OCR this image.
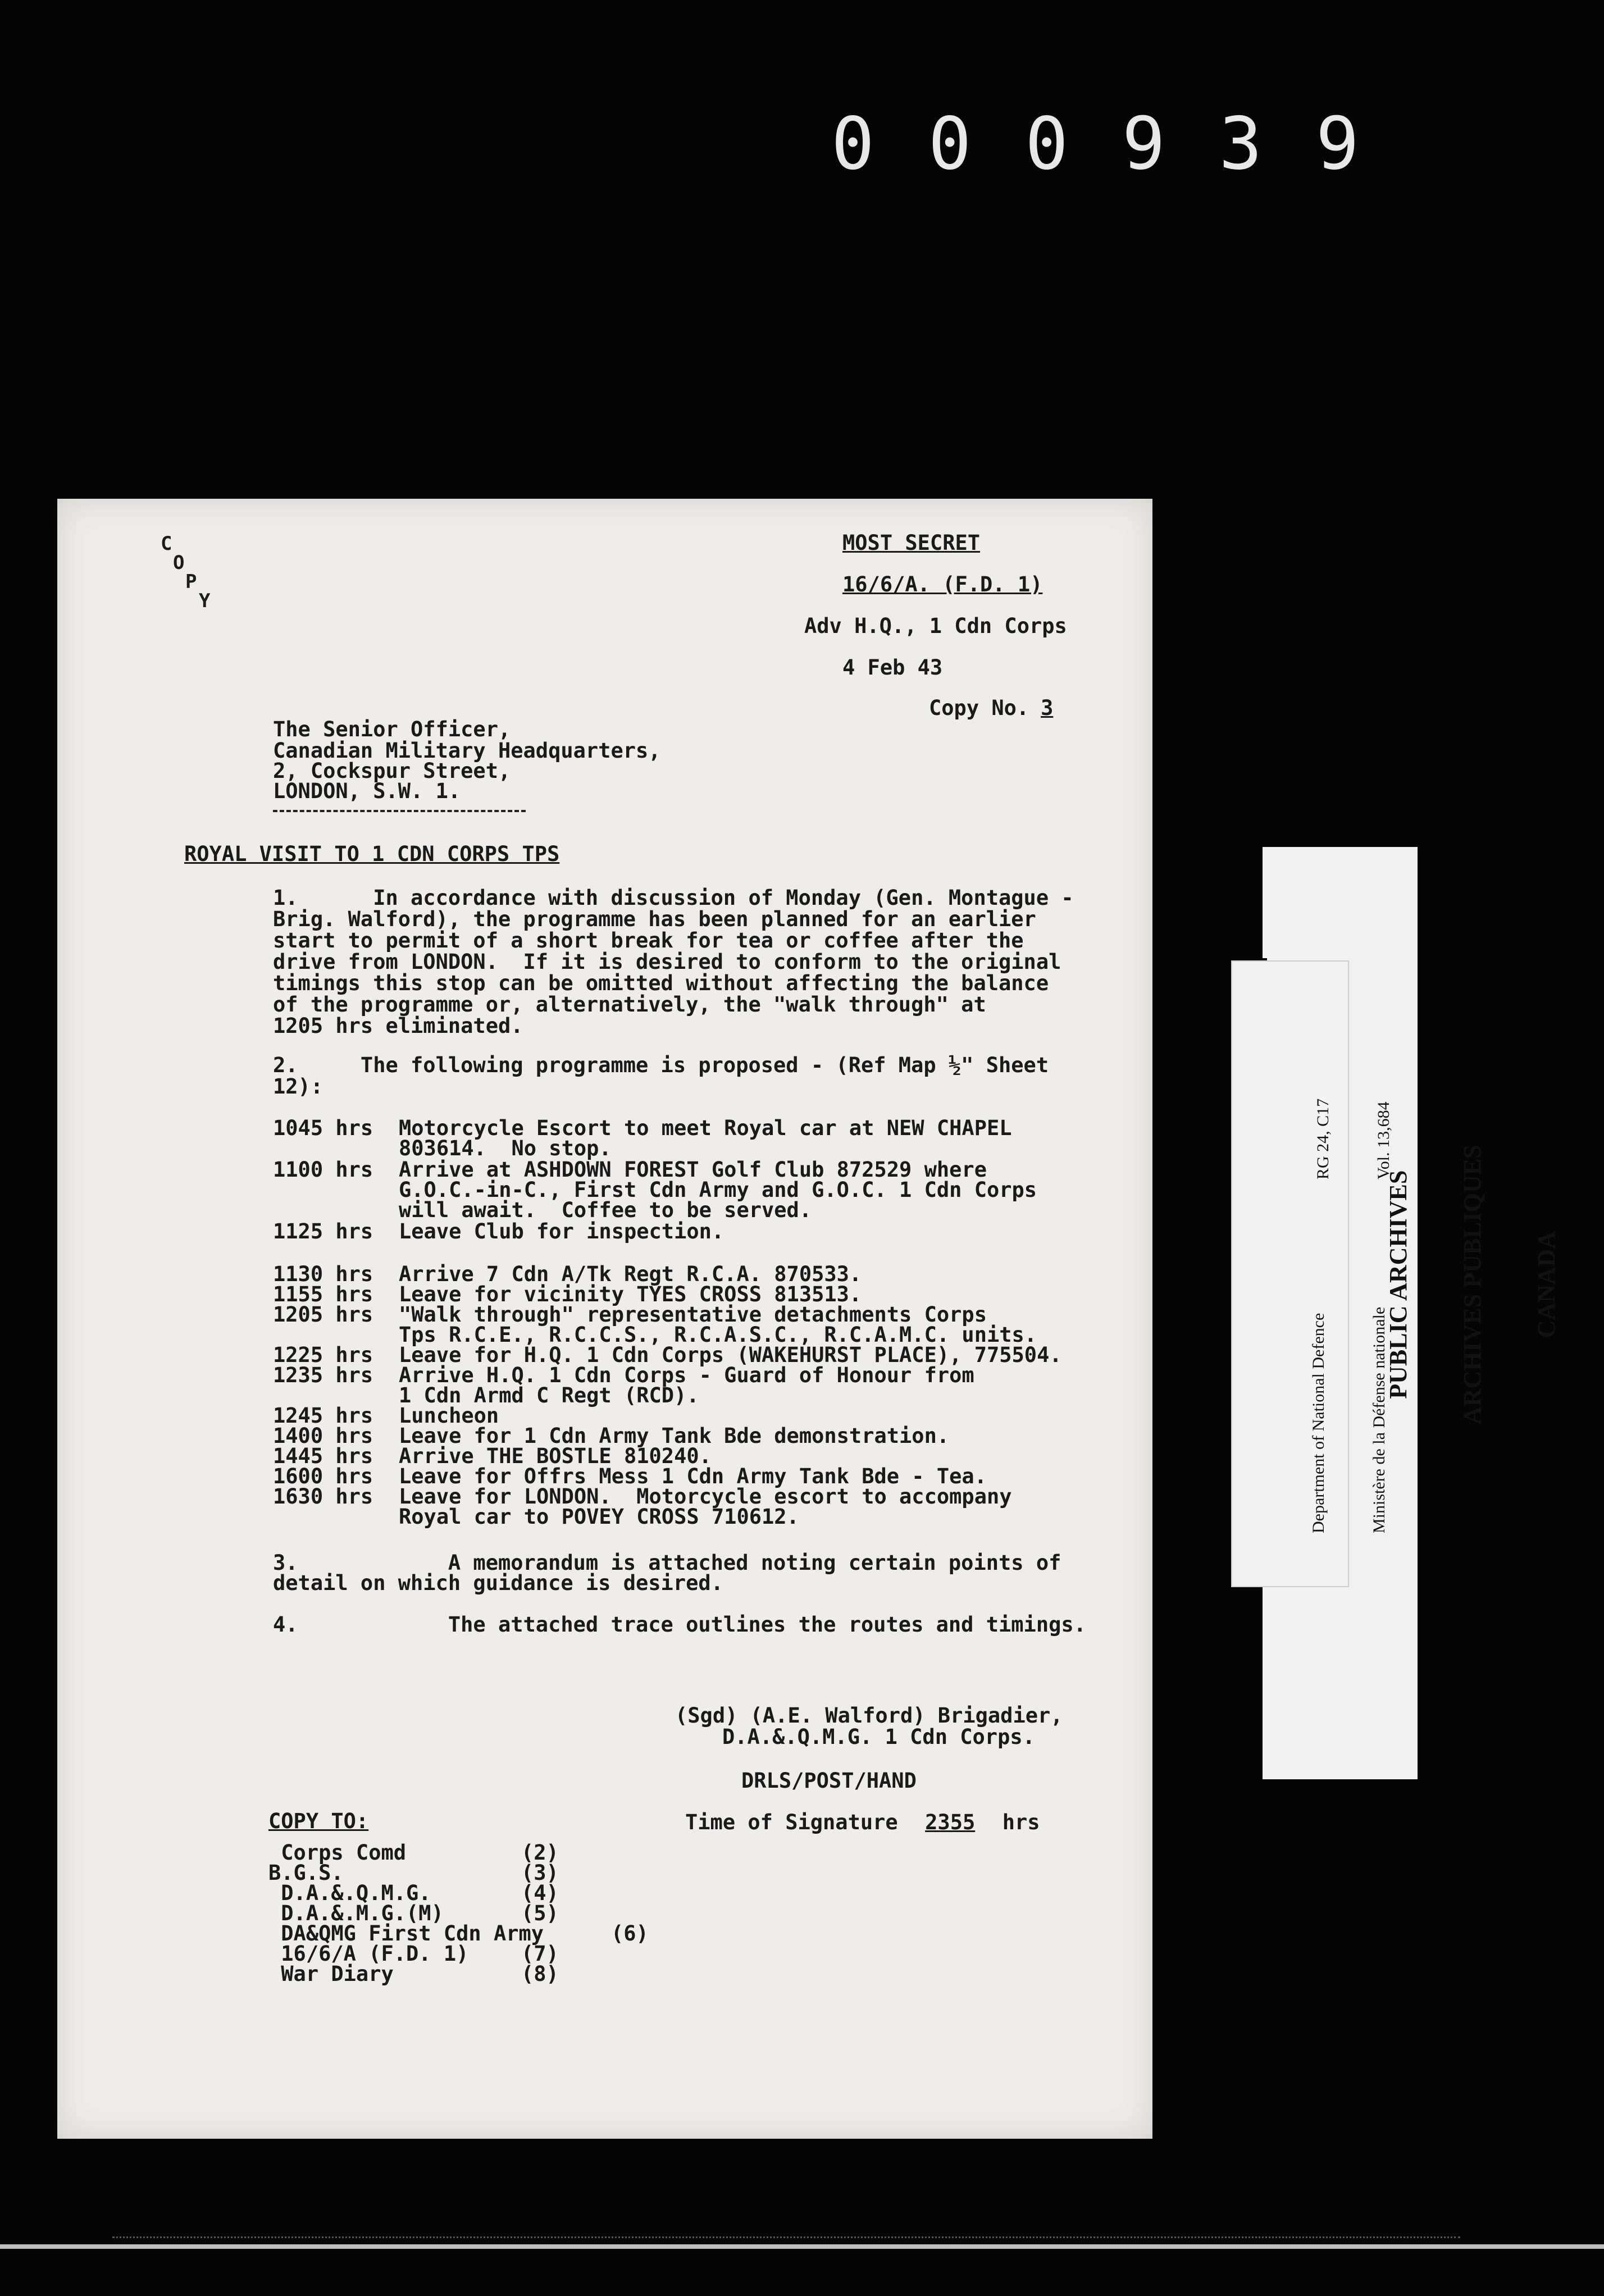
0 0 0 9 3 9
C
O
P
Y
MOST SECRET
16/6/A. (F.D. 1)
Adv H.Q., 1 Cdn Corps
4 Feb 43
Copy No. 3
The Senior Officer,
Canadian Military Headquarters,
2, Cockspur Street,
LONDON, S.W. 1.
ROYAL VISIT TO 1 CDN CORPS TPS
1.      In accordance with discussion of Monday (Gen. Montague -
Brig. Walford), the programme has been planned for an earlier
start to permit of a short break for tea or coffee after the
drive from LONDON.  If it is desired to conform to the original
timings this stop can be omitted without affecting the balance
of the programme or, alternatively, the "walk through" at
1205 hrs eliminated.
2.     The following programme is proposed - (Ref Map ½" Sheet
12):
1045 hrs Motorcycle Escort to meet Royal car at NEW CHAPEL
803614.  No stop.
1100 hrs Arrive at ASHDOWN FOREST Golf Club 872529 where
G.O.C.-in-C., First Cdn Army and G.O.C. 1 Cdn Corps
will await.  Coffee to be served.
1125 hrs Leave Club for inspection.
1130 hrs Arrive 7 Cdn A/Tk Regt R.C.A. 870533.
1155 hrs Leave for vicinity TYES CROSS 813513.
1205 hrs "Walk through" representative detachments Corps
Tps R.C.E., R.C.C.S., R.C.A.S.C., R.C.A.M.C. units.
1225 hrs Leave for H.Q. 1 Cdn Corps (WAKEHURST PLACE), 775504.
1235 hrs Arrive H.Q. 1 Cdn Corps - Guard of Honour from
1 Cdn Armd C Regt (RCD).
1245 hrs Luncheon
1400 hrs Leave for 1 Cdn Army Tank Bde demonstration.
1445 hrs Arrive THE BOSTLE 810240.
1600 hrs Leave for Offrs Mess 1 Cdn Army Tank Bde - Tea.
1630 hrs Leave for LONDON.  Motorcycle escort to accompany
Royal car to POVEY CROSS 710612.
3.            A memorandum is attached noting certain points of
detail on which guidance is desired.
4.            The attached trace outlines the routes and timings.
(Sgd) (A.E. Walford) Brigadier,
D.A.&.Q.M.G. 1 Cdn Corps.
DRLS/POST/HAND
Time of Signature 2355 hrs
COPY TO:
Corps Comd	(2)
B.G.S.	(3)
D.A.&.Q.M.G.	(4)
D.A.&.M.G.(M)	(5)
DA&QMG First Cdn Army	(6)
16/6/A (F.D. 1)	(7)
War Diary	(8)

Department of National Defence

	Ministère de la Défense nationale

RG 24, C17

	Vol. 13,684

PUBLIC ARCHIVES

ARCHIVES PUBLIQUES

CANADA
